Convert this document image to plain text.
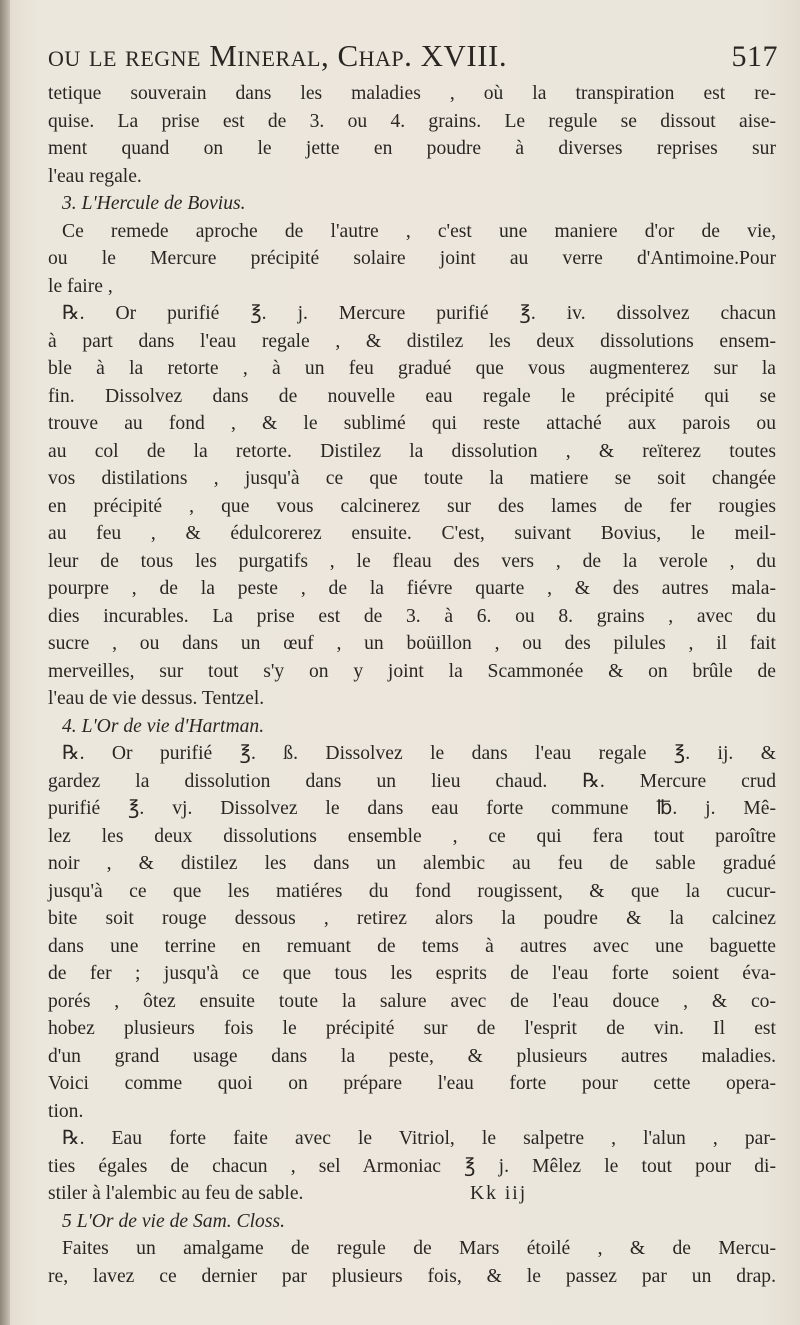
ou le regne Mineral, Chap. XVIII.	517
tetique souverain dans les maladies , où la transpiration est re-
quise. La prise est de 3. ou 4. grains. Le regule se dissout aise-
ment quand on le jette en poudre à diverses reprises sur
l'eau regale.
3. L'Hercule de Bovius.
Ce remede aproche de l'autre , c'est une maniere d'or de vie,
ou le Mercure précipité solaire joint au verre d'Antimoine.Pour
le faire ,
℞. Or purifié ℥. j. Mercure purifié ℥. iv. dissolvez chacun
à part dans l'eau regale , & distilez les deux dissolutions ensem-
ble à la retorte , à un feu gradué que vous augmenterez sur la
fin. Dissolvez dans de nouvelle eau regale le précipité qui se
trouve au fond , & le sublimé qui reste attaché aux parois ou
au col de la retorte. Distilez la dissolution , & reïterez toutes
vos distilations , jusqu'à ce que toute la matiere se soit changée
en précipité , que vous calcinerez sur des lames de fer rougies
au feu , & édulcorerez ensuite. C'est, suivant Bovius, le meil-
leur de tous les purgatifs , le fleau des vers , de la verole , du
pourpre , de la peste , de la fiévre quarte , & des autres mala-
dies incurables. La prise est de 3. à 6. ou 8. grains , avec du
sucre , ou dans un œuf , un boüillon , ou des pilules , il fait
merveilles, sur tout s'y on y joint la Scammonée & on brûle de
l'eau de vie dessus. Tentzel.
4. L'Or de vie d'Hartman.
℞. Or purifié ℥. ß. Dissolvez le dans l'eau regale ℥. ij. &
gardez la dissolution dans un lieu chaud. ℞. Mercure crud
purifié ℥. vj. Dissolvez le dans eau forte commune ℔. j. Mê-
lez les deux dissolutions ensemble , ce qui fera tout paroître
noir , & distilez les dans un alembic au feu de sable gradué
jusqu'à ce que les matiéres du fond rougissent, & que la cucur-
bite soit rouge dessous , retirez alors la poudre & la calcinez
dans une terrine en remuant de tems à autres avec une baguette
de fer ; jusqu'à ce que tous les esprits de l'eau forte soient éva-
porés , ôtez ensuite toute la salure avec de l'eau douce , & co-
hobez plusieurs fois le précipité sur de l'esprit de vin. Il est
d'un grand usage dans la peste, & plusieurs autres maladies.
Voici comme quoi on prépare l'eau forte pour cette opera-
tion.
℞. Eau forte faite avec le Vitriol, le salpetre , l'alun , par-
ties égales de chacun , sel Armoniac ℥ j. Mêlez le tout pour di-
stiler à l'alembic au feu de sable.
5 L'Or de vie de Sam. Closs.
Faites un amalgame de regule de Mars étoilé , & de Mercu-
re, lavez ce dernier par plusieurs fois, & le passez par un drap.
Kk iij
